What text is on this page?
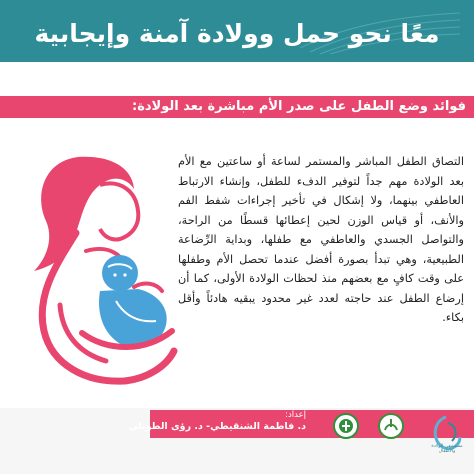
معًا نحو حمل وولادة آمنة وإيجابية
فوائد وضع الطفل على صدر الأم مباشرة بعد الولادة:
التصاق الطفل المباشر والمستمر لساعة أو ساعتين مع الأم بعد الولادة مهم جداً لتوفير الدفء للطفل، وإنشاء الارتباط العاطفي بينهما، ولا إشكال في تأخير إجراءات شفط الفم والأنف، أو قياس الوزن لحين إعطائها قسطًا من الراحة، والتواصل الجسدي والعاطفي مع طفلها، وبداية الرِّضاعة الطبيعية، وهي تبدأ بصورة أفضل عندما تحصل الأم وطفلها على وقت كافٍ مع بعضهم منذ لحظات الولادة الأولى، كما أن إرضاع الطفل عند حاجته لعدد غير محدود يبقيه هادئاً وأقل بكاء.
إعداد:
د. فاطمة الشنقيطي- د. رؤى الطويلي
مستشفى الولادة والأطفال
